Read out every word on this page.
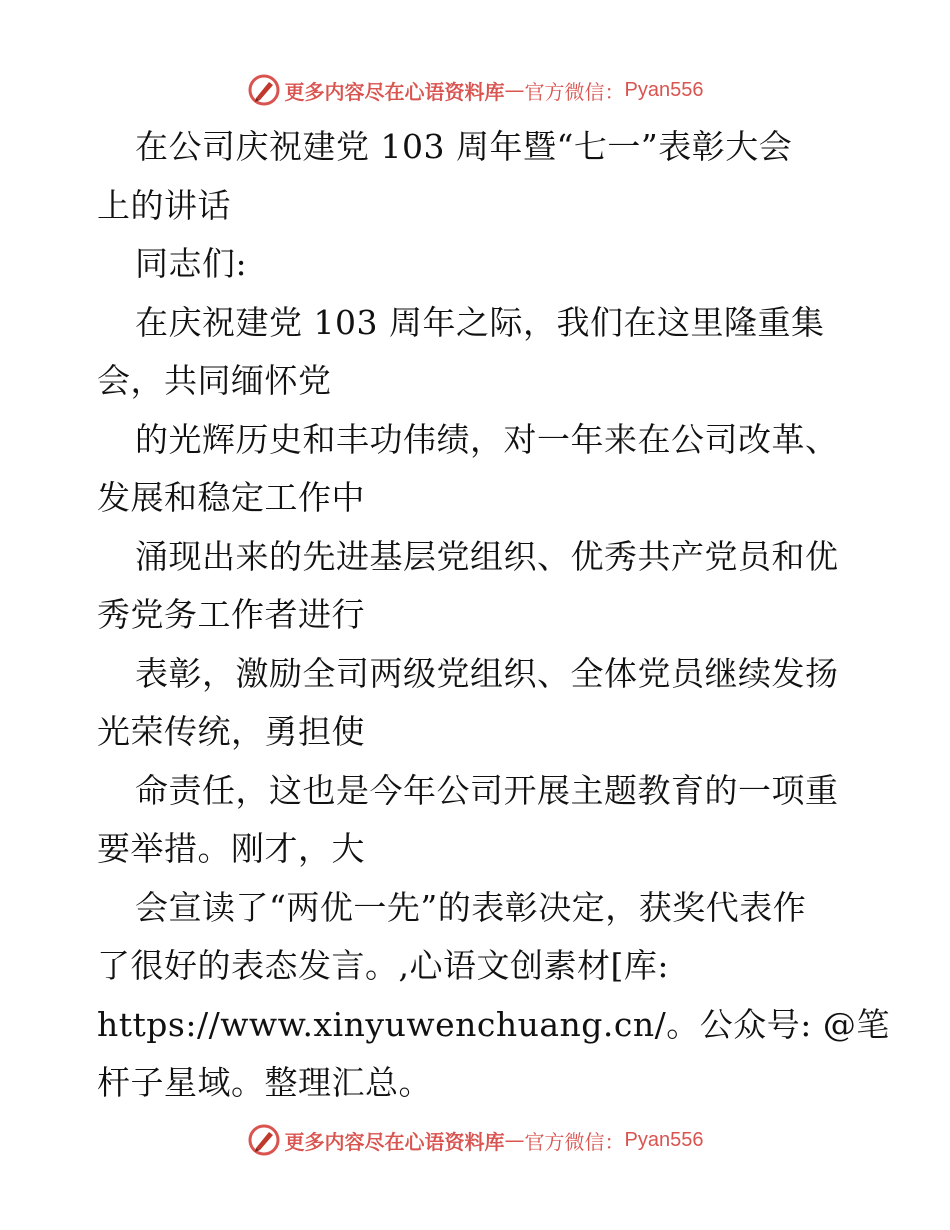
更多内容尽在心语资料库 — 官方微信： Pyan556
在公司庆祝建党 103 周年暨“七一”表彰大会
上的讲话
同志们:
在庆祝建党 103 周年之际，我们在这里隆重集
会，共同缅怀党
的光辉历史和丰功伟绩，对一年来在公司改革、
发展和稳定工作中
涌现出来的先进基层党组织、优秀共产党员和优
秀党务工作者进行
表彰，激励全司两级党组织、全体党员继续发扬
光荣传统，勇担使
命责任，这也是今年公司开展主题教育的一项重
要举措。刚才，大
会宣读了“两优一先”的表彰决定，获奖代表作
了很好的表态发言。,心语文创素材[库:
https://www.xinyuwenchuang.cn/。公众号: @笔
杆子星域。整理汇总。
更多内容尽在心语资料库 — 官方微信： Pyan556
